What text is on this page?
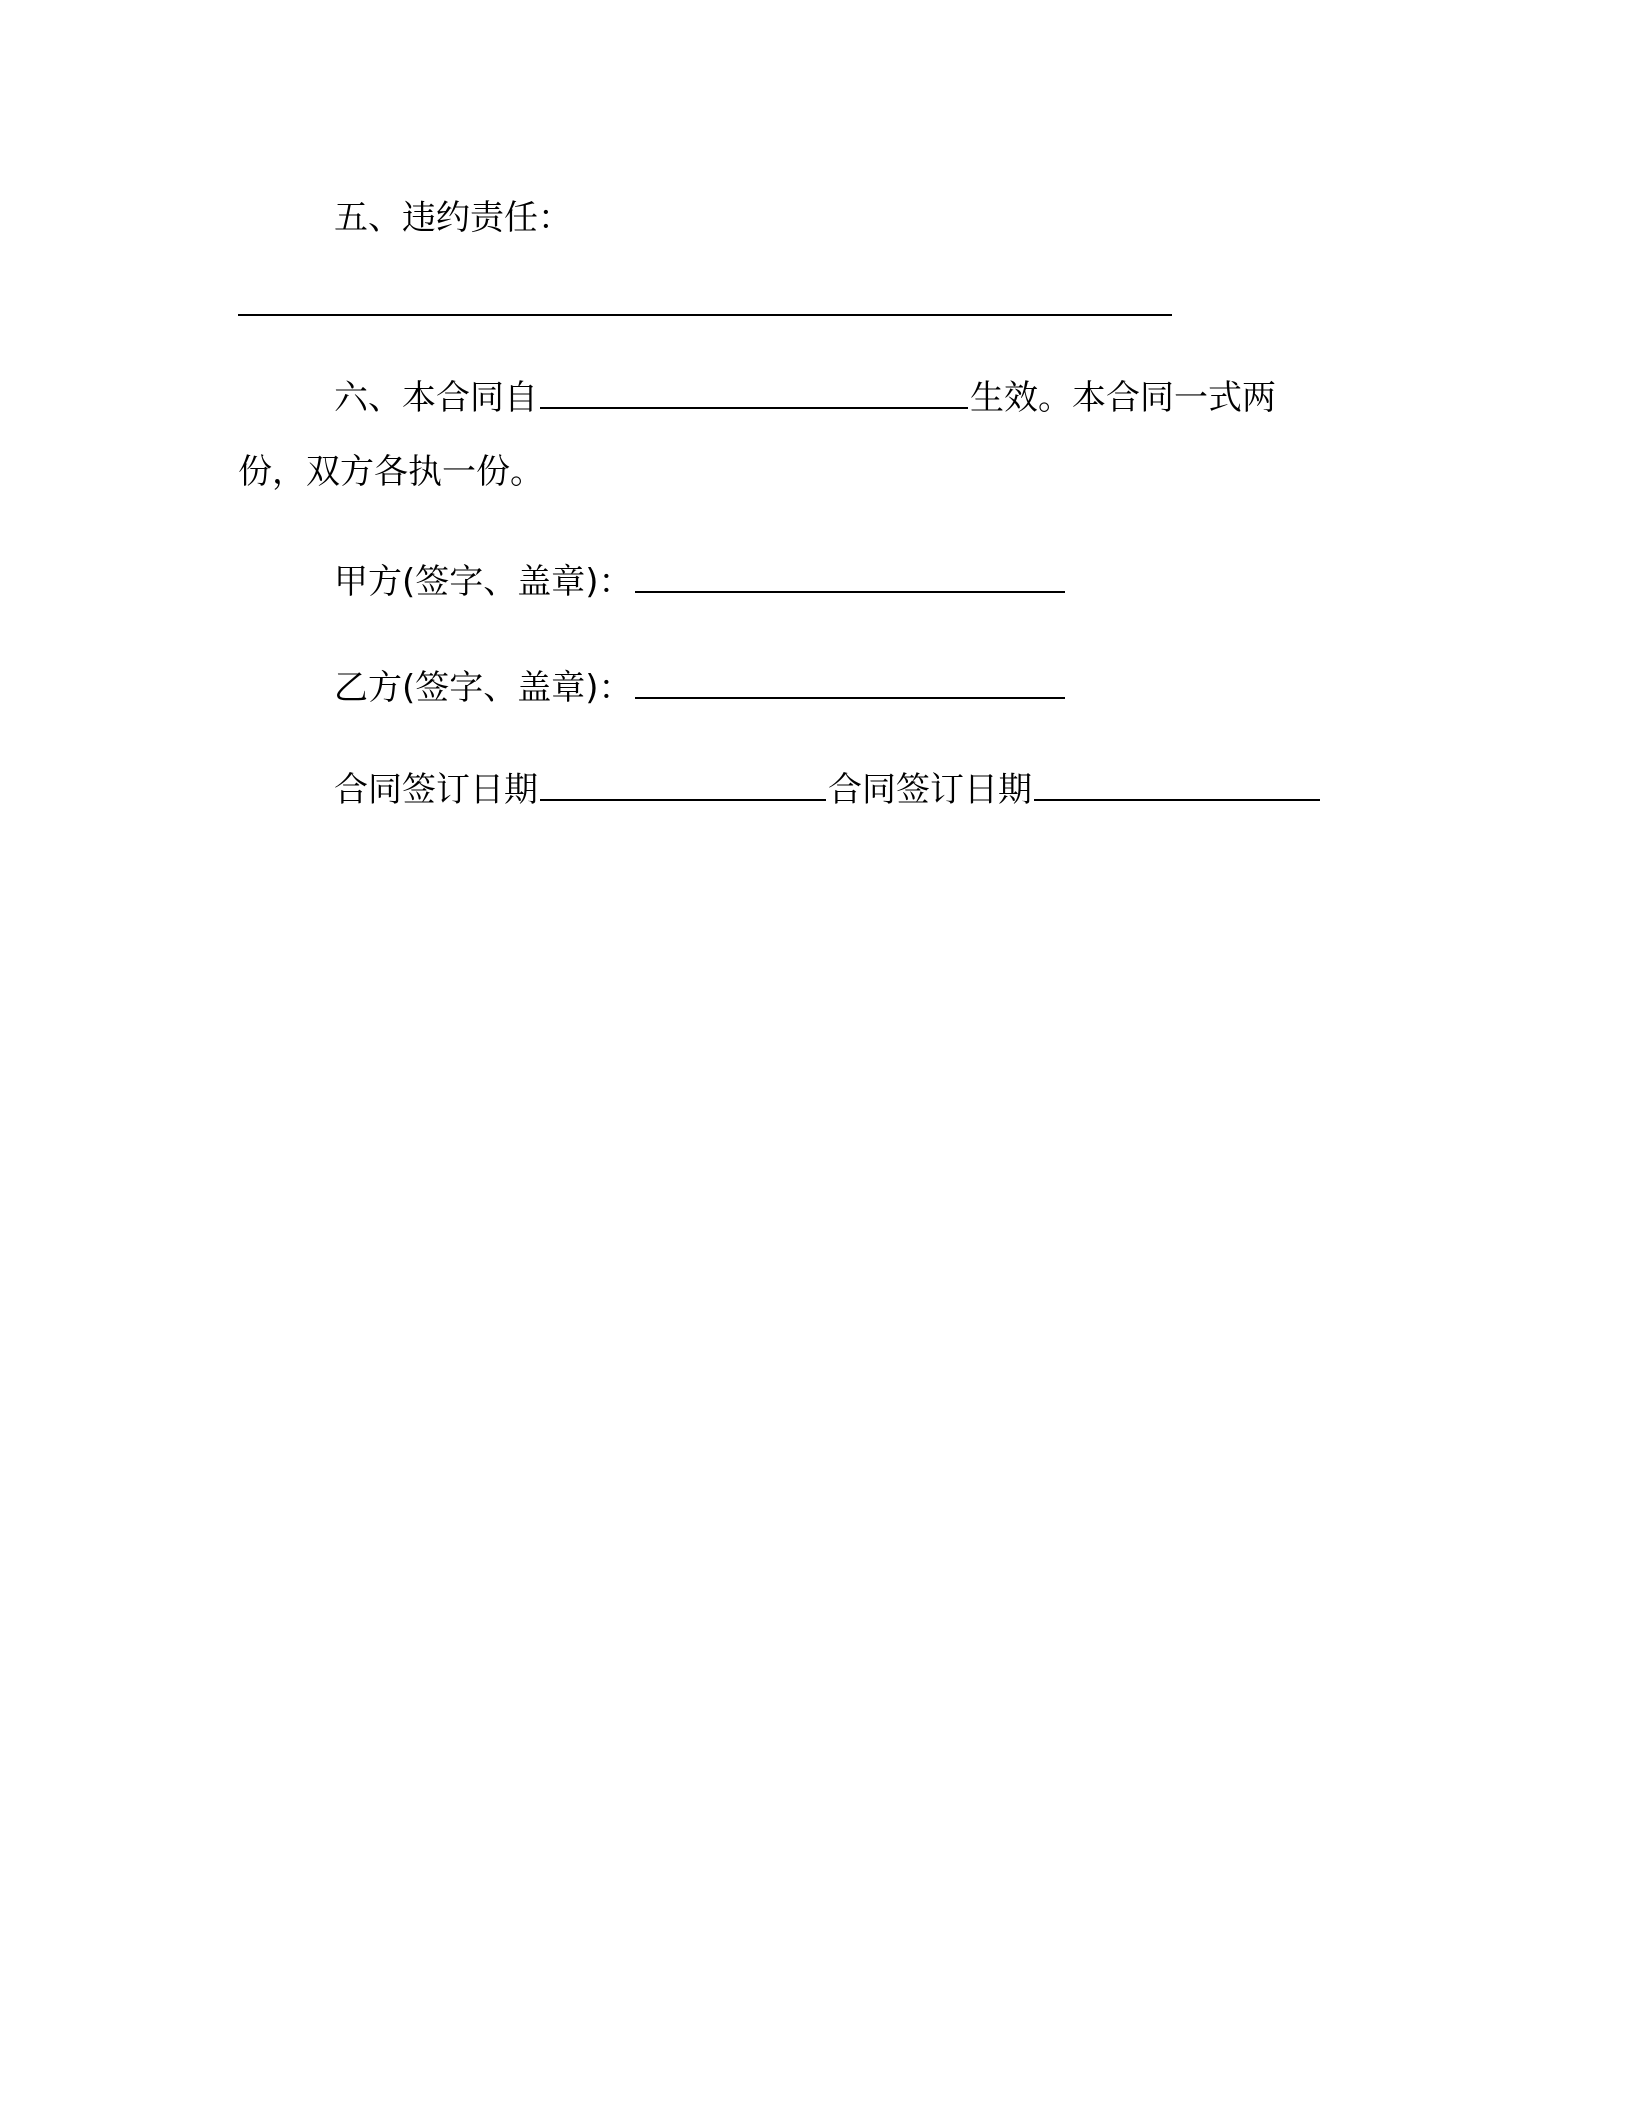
五、违约责任：
六、本合同自	生效。本合同一式两
份，双方各执一份。
甲方(签字、盖章)：
乙方(签字、盖章)：
合同签订日期	合同签订日期
